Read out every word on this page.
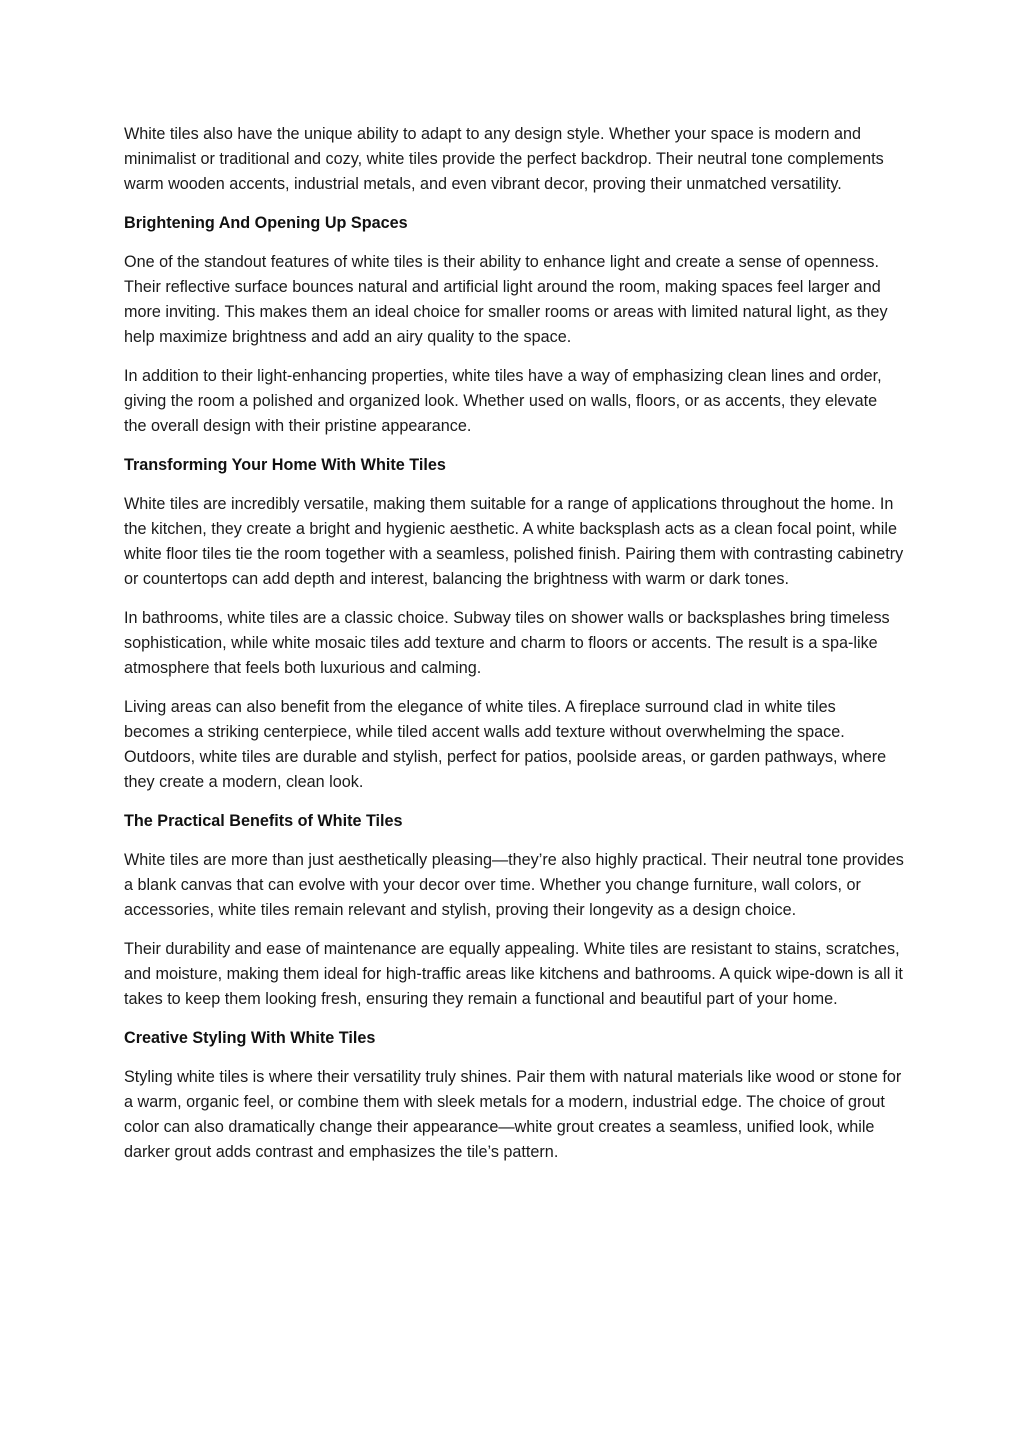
White tiles also have the unique ability to adapt to any design style. Whether your space is modern and minimalist or traditional and cozy, white tiles provide the perfect backdrop. Their neutral tone complements warm wooden accents, industrial metals, and even vibrant decor, proving their unmatched versatility.

Brightening And Opening Up Spaces

One of the standout features of white tiles is their ability to enhance light and create a sense of openness. Their reflective surface bounces natural and artificial light around the room, making spaces feel larger and more inviting. This makes them an ideal choice for smaller rooms or areas with limited natural light, as they help maximize brightness and add an airy quality to the space.

In addition to their light-enhancing properties, white tiles have a way of emphasizing clean lines and order, giving the room a polished and organized look. Whether used on walls, floors, or as accents, they elevate the overall design with their pristine appearance.

Transforming Your Home With White Tiles

White tiles are incredibly versatile, making them suitable for a range of applications throughout the home. In the kitchen, they create a bright and hygienic aesthetic. A white backsplash acts as a clean focal point, while white floor tiles tie the room together with a seamless, polished finish. Pairing them with contrasting cabinetry or countertops can add depth and interest, balancing the brightness with warm or dark tones.

In bathrooms, white tiles are a classic choice. Subway tiles on shower walls or backsplashes bring timeless sophistication, while white mosaic tiles add texture and charm to floors or accents. The result is a spa-like atmosphere that feels both luxurious and calming.

Living areas can also benefit from the elegance of white tiles. A fireplace surround clad in white tiles becomes a striking centerpiece, while tiled accent walls add texture without overwhelming the space. Outdoors, white tiles are durable and stylish, perfect for patios, poolside areas, or garden pathways, where they create a modern, clean look.

The Practical Benefits of White Tiles

White tiles are more than just aesthetically pleasing—they’re also highly practical. Their neutral tone provides a blank canvas that can evolve with your decor over time. Whether you change furniture, wall colors, or accessories, white tiles remain relevant and stylish, proving their longevity as a design choice.

Their durability and ease of maintenance are equally appealing. White tiles are resistant to stains, scratches, and moisture, making them ideal for high-traffic areas like kitchens and bathrooms. A quick wipe-down is all it takes to keep them looking fresh, ensuring they remain a functional and beautiful part of your home.

Creative Styling With White Tiles

Styling white tiles is where their versatility truly shines. Pair them with natural materials like wood or stone for a warm, organic feel, or combine them with sleek metals for a modern, industrial edge. The choice of grout color can also dramatically change their appearance—white grout creates a seamless, unified look, while darker grout adds contrast and emphasizes the tile’s pattern.
